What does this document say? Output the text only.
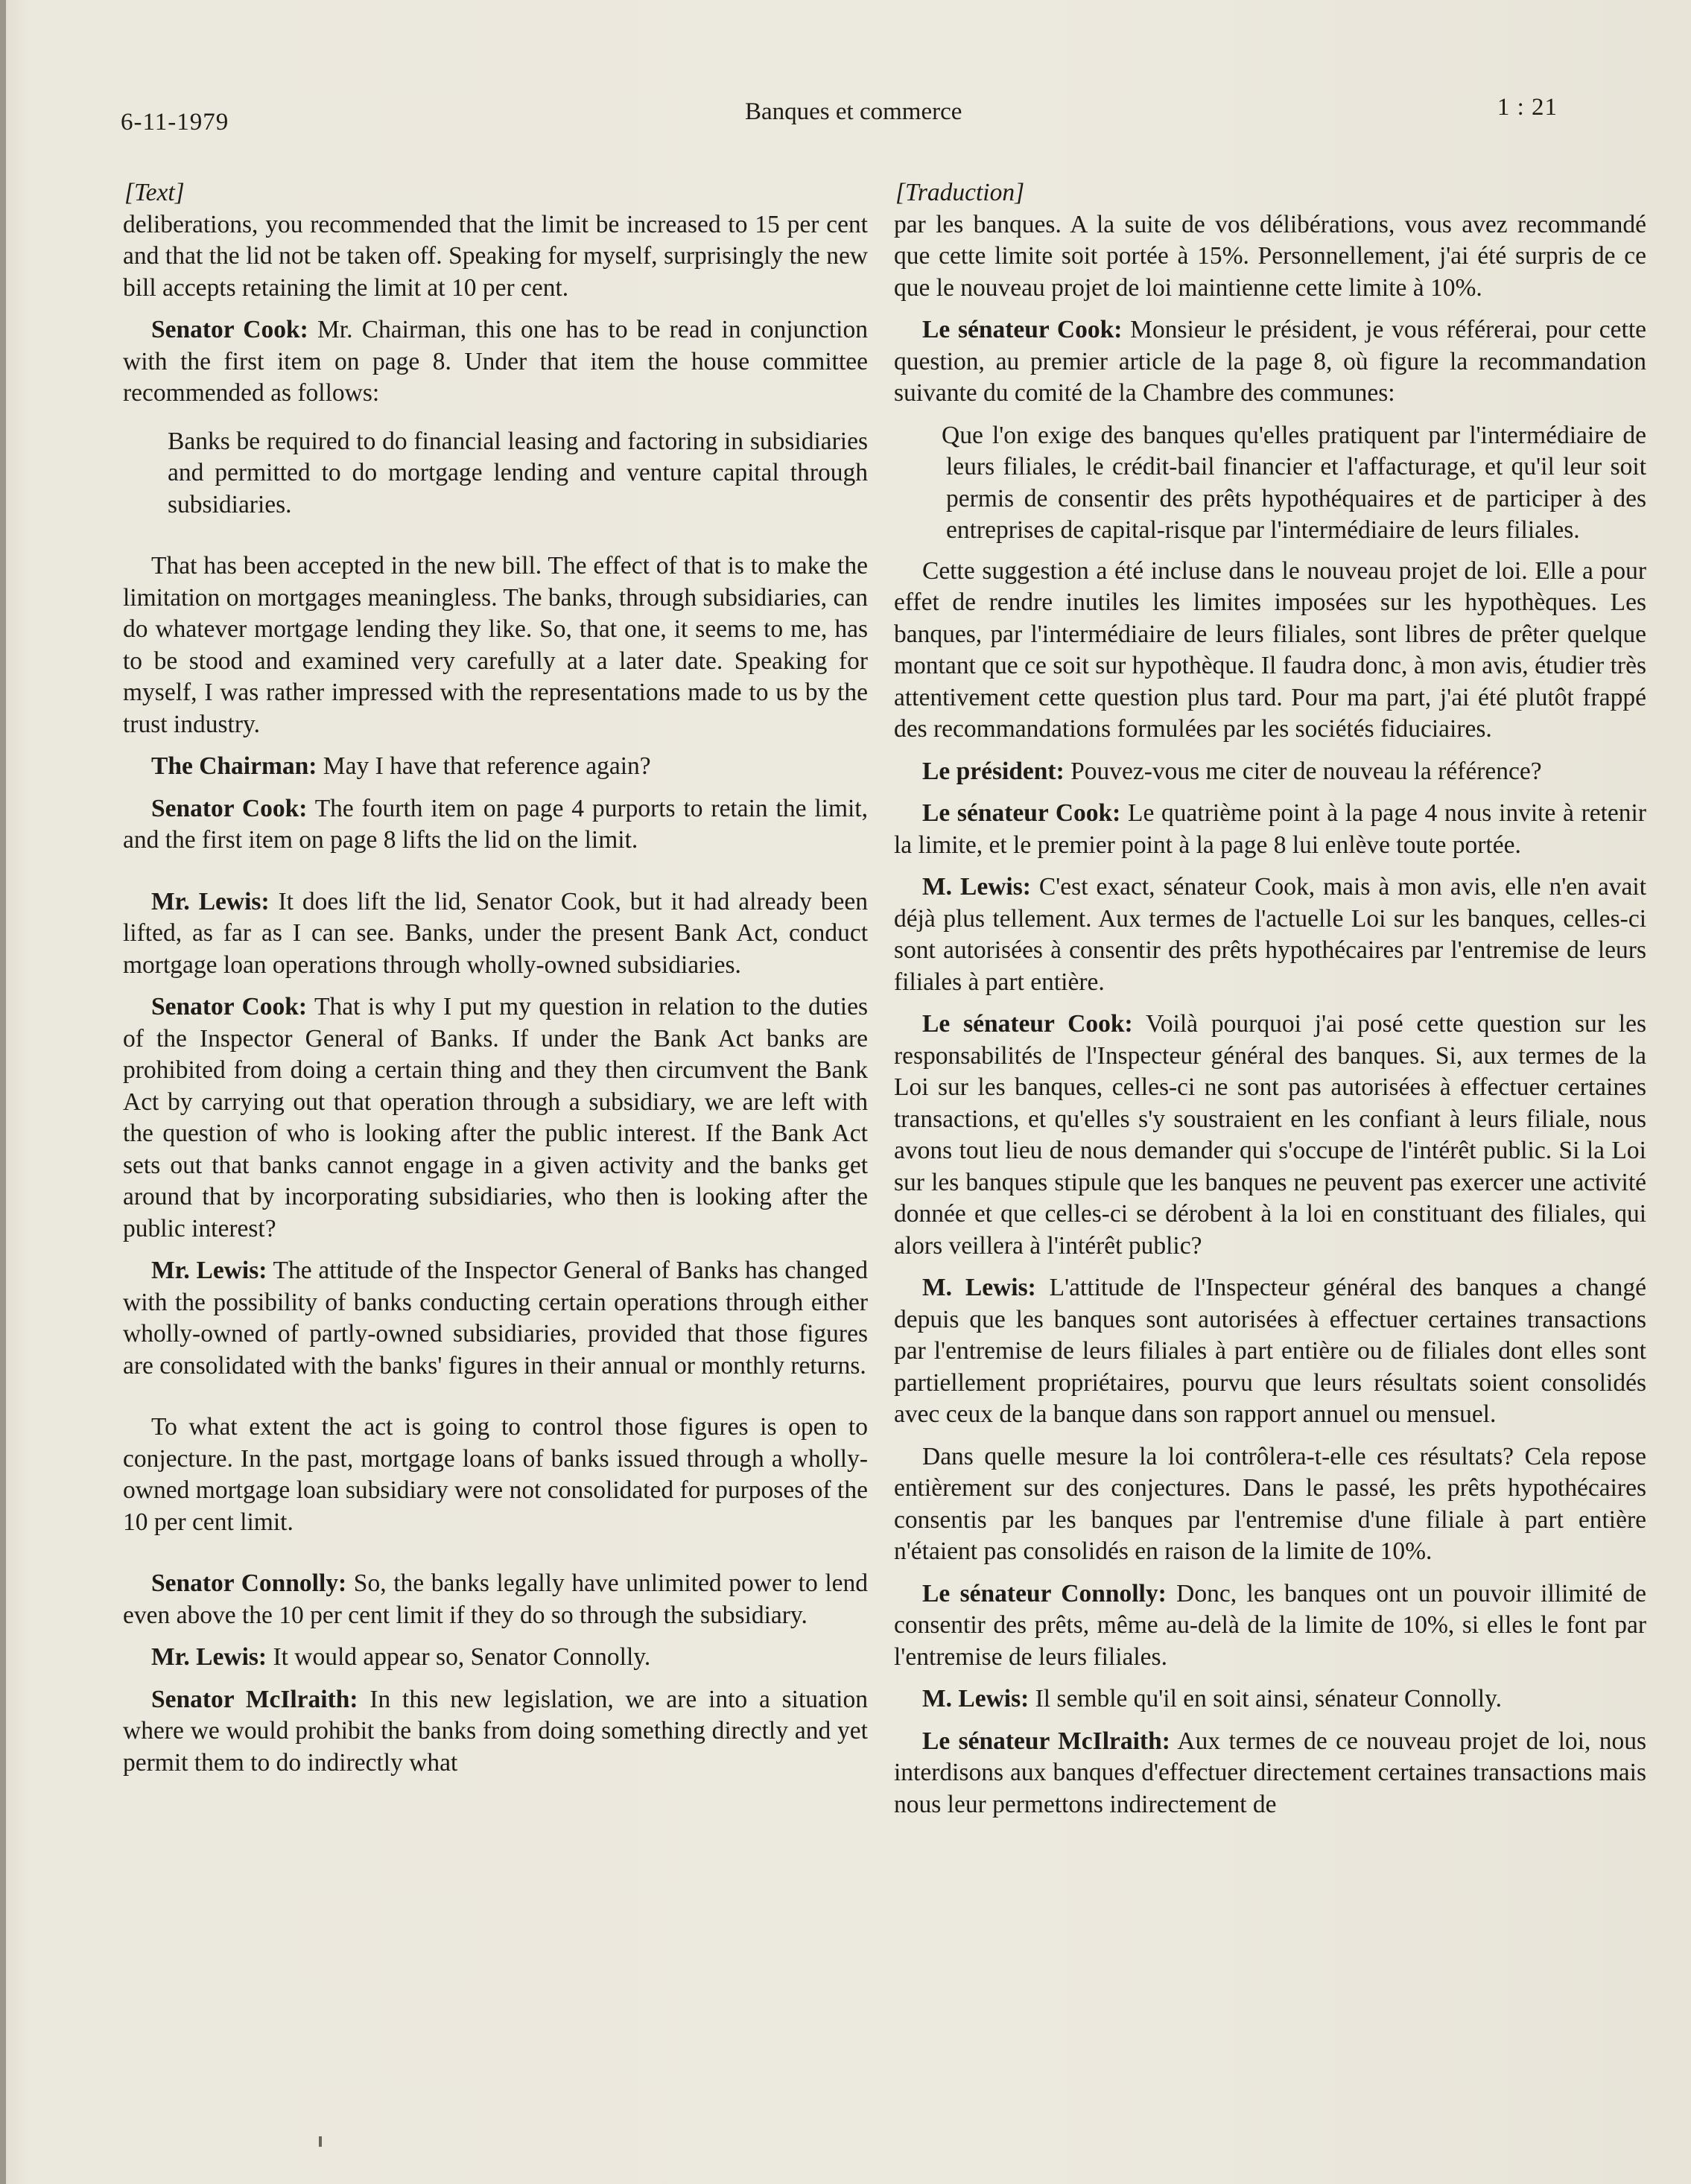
6-11-1979	Banques et commerce	1 : 21
[Text]

deliberations, you recommended that the limit be increased to 15 per cent and that the lid not be taken off. Speaking for myself, surprisingly the new bill accepts retaining the limit at 10 per cent.

Senator Cook: Mr. Chairman, this one has to be read in conjunction with the first item on page 8. Under that item the house committee recommended as follows:

Banks be required to do financial leasing and factoring in subsidiaries and permitted to do mortgage lending and venture capital through subsidiaries.

That has been accepted in the new bill. The effect of that is to make the limitation on mortgages meaningless. The banks, through subsidiaries, can do whatever mortgage lending they like. So, that one, it seems to me, has to be stood and examined very carefully at a later date. Speaking for myself, I was rather impressed with the representations made to us by the trust industry.

The Chairman: May I have that reference again?

Senator Cook: The fourth item on page 4 purports to retain the limit, and the first item on page 8 lifts the lid on the limit.

Mr. Lewis: It does lift the lid, Senator Cook, but it had already been lifted, as far as I can see. Banks, under the present Bank Act, conduct mortgage loan operations through wholly-owned subsidiaries.

Senator Cook: That is why I put my question in relation to the duties of the Inspector General of Banks. If under the Bank Act banks are prohibited from doing a certain thing and they then circumvent the Bank Act by carrying out that operation through a subsidiary, we are left with the question of who is looking after the public interest. If the Bank Act sets out that banks cannot engage in a given activity and the banks get around that by incorporating subsidiaries, who then is looking after the public interest?

Mr. Lewis: The attitude of the Inspector General of Banks has changed with the possibility of banks conducting certain operations through either wholly-owned of partly-owned subsidiaries, provided that those figures are consolidated with the banks' figures in their annual or monthly returns.

To what extent the act is going to control those figures is open to conjecture. In the past, mortgage loans of banks issued through a wholly-owned mortgage loan subsidiary were not consolidated for purposes of the 10 per cent limit.

Senator Connolly: So, the banks legally have unlimited power to lend even above the 10 per cent limit if they do so through the subsidiary.

Mr. Lewis: It would appear so, Senator Connolly.

Senator McIlraith: In this new legislation, we are into a situation where we would prohibit the banks from doing something directly and yet permit them to do indirectly what

[Traduction]

par les banques. A la suite de vos délibérations, vous avez recommandé que cette limite soit portée à 15%. Personnellement, j'ai été surpris de ce que le nouveau projet de loi maintienne cette limite à 10%.

Le sénateur Cook: Monsieur le président, je vous référerai, pour cette question, au premier article de la page 8, où figure la recommandation suivante du comité de la Chambre des communes:

Que l'on exige des banques qu'elles pratiquent par l'intermédiaire de leurs filiales, le crédit-bail financier et l'affacturage, et qu'il leur soit permis de consentir des prêts hypothéquaires et de participer à des entreprises de capital-risque par l'intermédiaire de leurs filiales.

Cette suggestion a été incluse dans le nouveau projet de loi. Elle a pour effet de rendre inutiles les limites imposées sur les hypothèques. Les banques, par l'intermédiaire de leurs filiales, sont libres de prêter quelque montant que ce soit sur hypothèque. Il faudra donc, à mon avis, étudier très attentivement cette question plus tard. Pour ma part, j'ai été plutôt frappé des recommandations formulées par les sociétés fiduciaires.

Le président: Pouvez-vous me citer de nouveau la référence?

Le sénateur Cook: Le quatrième point à la page 4 nous invite à retenir la limite, et le premier point à la page 8 lui enlève toute portée.

M. Lewis: C'est exact, sénateur Cook, mais à mon avis, elle n'en avait déjà plus tellement. Aux termes de l'actuelle Loi sur les banques, celles-ci sont autorisées à consentir des prêts hypothécaires par l'entremise de leurs filiales à part entière.

Le sénateur Cook: Voilà pourquoi j'ai posé cette question sur les responsabilités de l'Inspecteur général des banques. Si, aux termes de la Loi sur les banques, celles-ci ne sont pas autorisées à effectuer certaines transactions, et qu'elles s'y soustraient en les confiant à leurs filiale, nous avons tout lieu de nous demander qui s'occupe de l'intérêt public. Si la Loi sur les banques stipule que les banques ne peuvent pas exercer une activité donnée et que celles-ci se dérobent à la loi en constituant des filiales, qui alors veillera à l'intérêt public?

M. Lewis: L'attitude de l'Inspecteur général des banques a changé depuis que les banques sont autorisées à effectuer certaines transactions par l'entremise de leurs filiales à part entière ou de filiales dont elles sont partiellement propriétaires, pourvu que leurs résultats soient consolidés avec ceux de la banque dans son rapport annuel ou mensuel.

Dans quelle mesure la loi contrôlera-t-elle ces résultats? Cela repose entièrement sur des conjectures. Dans le passé, les prêts hypothécaires consentis par les banques par l'entremise d'une filiale à part entière n'étaient pas consolidés en raison de la limite de 10%.

Le sénateur Connolly: Donc, les banques ont un pouvoir illimité de consentir des prêts, même au-delà de la limite de 10%, si elles le font par l'entremise de leurs filiales.

M. Lewis: Il semble qu'il en soit ainsi, sénateur Connolly.

Le sénateur McIlraith: Aux termes de ce nouveau projet de loi, nous interdisons aux banques d'effectuer directement certaines transactions mais nous leur permettons indirectement de
